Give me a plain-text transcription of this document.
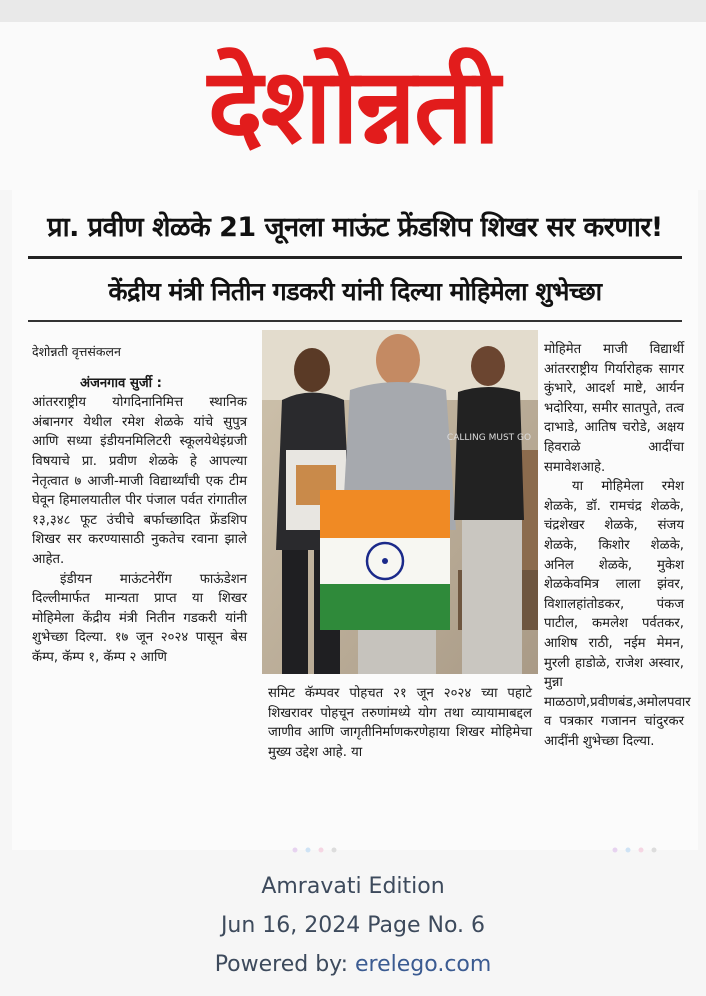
देशोन्नती
प्रा. प्रवीण शेळके 21 जूनला माऊंट फ्रेंडशिप शिखर सर करणार!
केंद्रीय मंत्री नितीन गडकरी यांनी दिल्या मोहिमेला शुभेच्छा

देशोन्नती वृत्तसंकलन

अंजनगाव सुर्जी :

आंतरराष्ट्रीय योगदिनानिमित्त स्थानिक अंबानगर येथील रमेश शेळके यांचे सुपुत्र आणि सध्या इंडीयनमिलिटरी स्कूलयेथेइंग्रजी विषयाचे प्रा. प्रवीण शेळके हे आपल्या नेतृत्वात ७ आजी-माजी विद्यार्थ्यांची एक टीम घेवून हिमालयातील पीर पंजाल पर्वत रांगातील १३,३४८ फूट उंचीचे बर्फाच्छादित फ्रेंडशिप शिखर सर करण्यासाठी नुकतेच रवाना झाले आहेत.

इंडीयन माऊंटनेरींग फाऊंडेशन दिल्लीमार्फत मान्यता प्राप्त या शिखर मोहिमेला केंद्रीय मंत्री नितीन गडकरी यांनी शुभेच्छा दिल्या. १७ जून २०२४ पासून बेस कॅम्प, कॅम्प १, कॅम्प २ आणि

CALLING MUST GO

समिट कॅम्पवर पोहचत २१ जून २०२४ च्या पहाटे शिखरावर पोहचून तरुणांमध्ये योग तथा व्यायामाबद्दल जाणीव आणि जागृतीनिर्माणकरणेहाया शिखर मोहिमेचा मुख्य उद्देश आहे. या

मोहिमेत माजी विद्यार्थी आंतरराष्ट्रीय गिर्यारोहक सागर कुंभारे, आदर्श माष्टे, आर्यन भदोरिया, समीर सातपुते, तत्व दाभाडे, आतिष चरोडे, अक्षय हिवराळे आदींचा समावेशआहे.

या मोहिमेला रमेश शेळके, डॉ. रामचंद्र शेळके, चंद्रशेखर शेळके, संजय शेळके, किशोर शेळके, अनिल शेळके, मुकेश शेळकेवमित्र लाला झंवर, विशालहांतोडकर, पंकज पाटील, कमलेश पर्वतकर, आशिष राठी, नईम मेमन, मुरली हाडोळे, राजेश अस्वार, मुन्ना माळठाणे,प्रवीणबंड,अमोलपवार व पत्रकार गजानन चांदुरकर आदींनी शुभेच्छा दिल्या.

Amravati Edition
Jun 16, 2024 Page No. 6
Powered by: erelego.com
